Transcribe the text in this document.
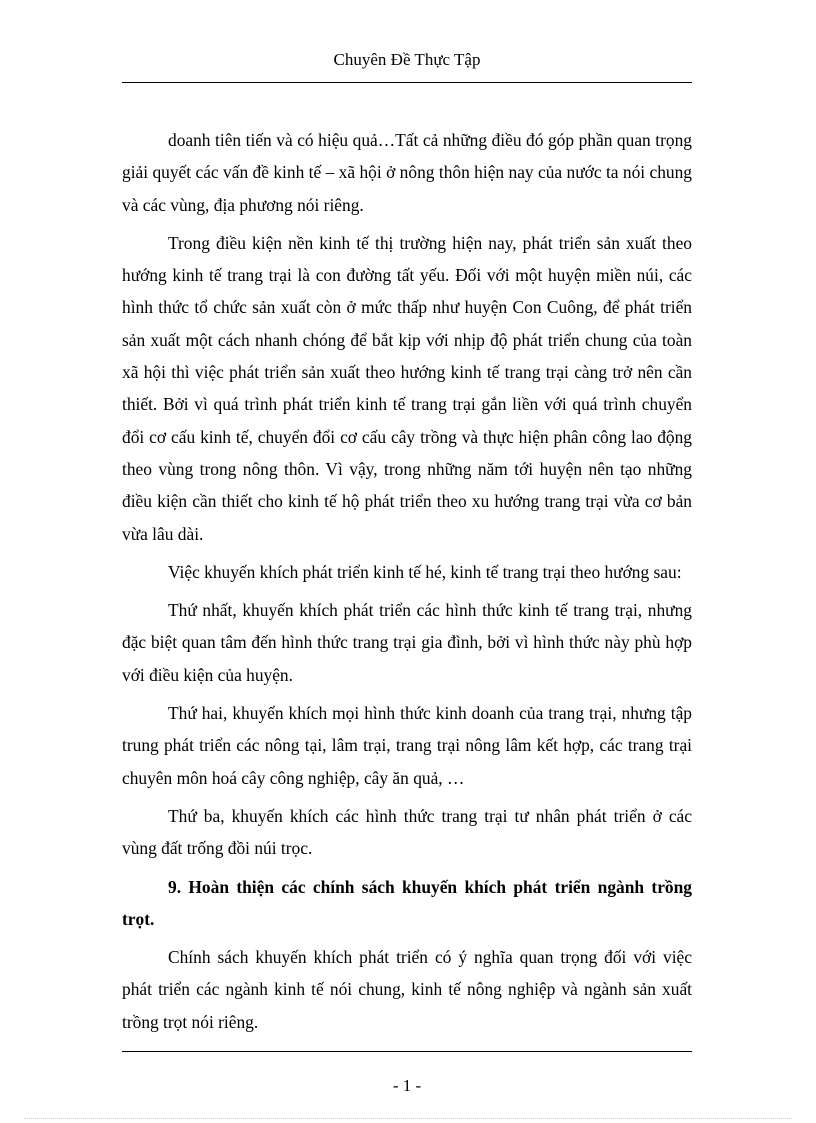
Chuyên Đề Thực Tập

doanh tiên tiến và có hiệu quả…Tất cả những điều đó góp phần quan trọng giải quyết các vấn đề kinh tế – xã hội ở nông thôn hiện nay của nước ta nói chung và các vùng, địa phương nói riêng.

Trong điều kiện nền kinh tế thị trường hiện nay, phát triển sản xuất theo hướng kinh tế trang trại là con đường tất yếu. Đối với một huyện miền núi, các hình thức tổ chức sản xuất còn ở mức thấp như huyện Con Cuông, để phát triển sản xuất một cách nhanh chóng để bắt kịp với nhịp độ phát triển chung của toàn xã hội thì việc phát triển sản xuất theo hướng kinh tế trang trại càng trở nên cần thiết. Bởi vì quá trình phát triển kinh tế trang trại gắn liền với quá trình chuyển đổi cơ cấu kinh tế, chuyển đổi cơ cấu cây trồng và thực hiện phân công lao động theo vùng trong nông thôn. Vì vậy, trong những năm tới huyện nên tạo những điều kiện cần thiết cho kinh tế hộ phát triển theo xu hướng trang trại vừa cơ bản vừa lâu dài.

Việc khuyến khích phát triển kinh tế hé, kinh tế trang trại theo hướng sau:

Thứ nhất, khuyến khích phát triển các hình thức kinh tế trang trại, nhưng đặc biệt quan tâm đến hình thức trang trại gia đình, bởi vì hình thức này phù hợp với điều kiện của huyện.

Thứ hai, khuyến khích mọi hình thức kinh doanh của trang trại, nhưng tập trung phát triển các nông tại, lâm trại, trang trại nông lâm kết hợp, các trang trại chuyên môn hoá cây công nghiệp, cây ăn quả, …

Thứ ba, khuyến khích các hình thức trang trại tư nhân phát triển ở các vùng đất trống đồi núi trọc.

9. Hoàn thiện các chính sách khuyến khích phát triển ngành trồng trọt.

Chính sách khuyến khích phát triển có ý nghĩa quan trọng đối với việc phát triển các ngành kinh tế nói chung, kinh tế nông nghiệp và ngành sản xuất trồng trọt nói riêng.

- 1 -
